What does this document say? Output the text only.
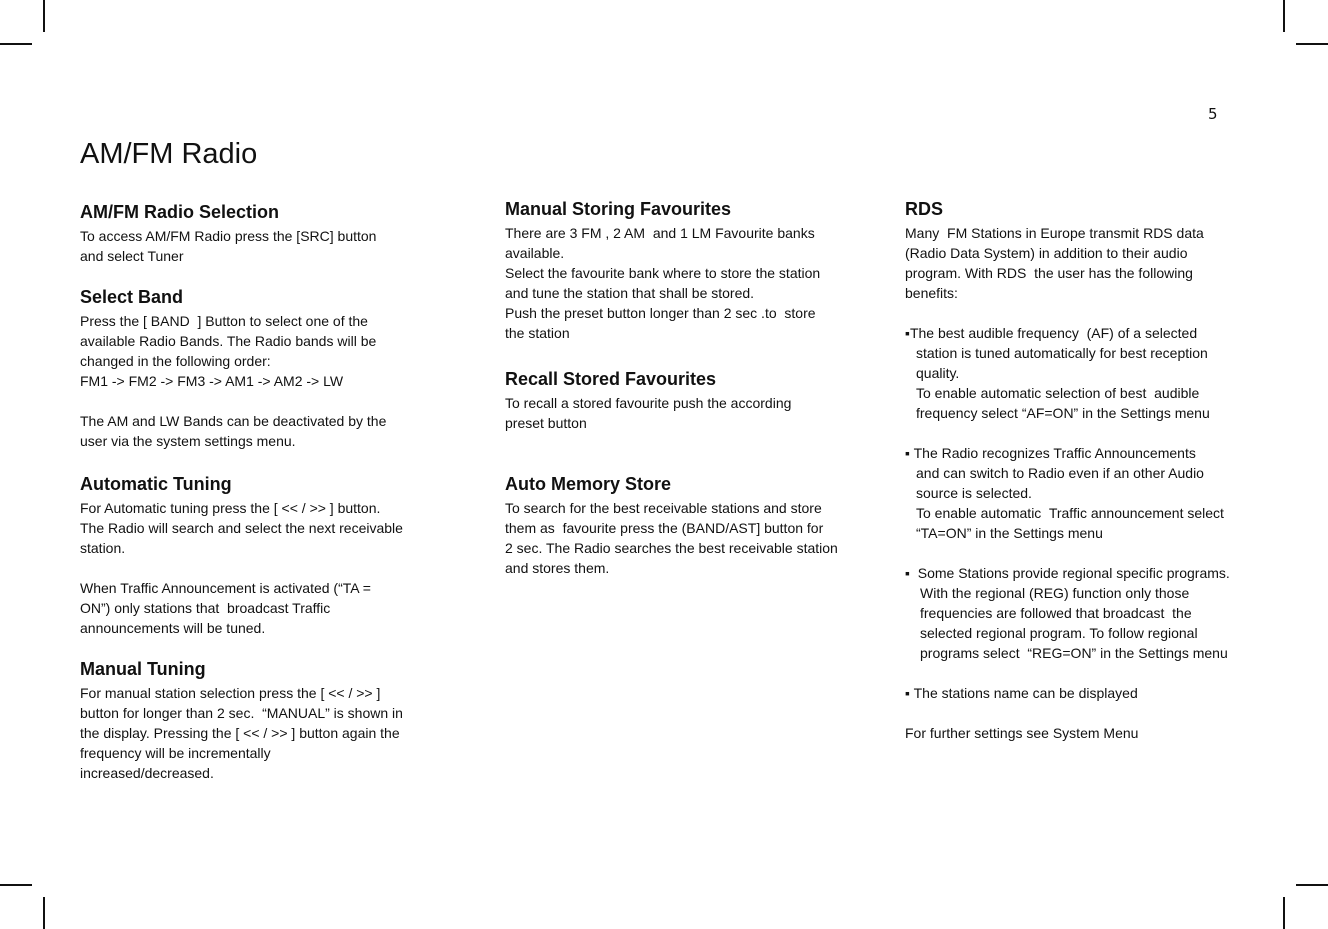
5
AM/FM Radio
AM/FM Radio Selection
To access AM/FM Radio press the [SRC] button
and select Tuner
Select Band
Press the [ BAND  ] Button to select one of the
available Radio Bands. The Radio bands will be
changed in the following order:
FM1 -> FM2 -> FM3 -> AM1 -> AM2 -> LW
The AM and LW Bands can be deactivated by the
user via the system settings menu.
Automatic Tuning
For Automatic tuning press the [ << / >> ] button.
The Radio will search and select the next receivable
station.
When Traffic Announcement is activated (“TA =
ON”) only stations that  broadcast Traffic
announcements will be tuned.
Manual Tuning
For manual station selection press the [ << / >> ]
button for longer than 2 sec.  “MANUAL” is shown in
the display. Pressing the [ << / >> ] button again the
frequency will be incrementally
increased/decreased.
Manual Storing Favourites
There are 3 FM , 2 AM  and 1 LM Favourite banks
available.
Select the favourite bank where to store the station
and tune the station that shall be stored.
Push the preset button longer than 2 sec .to  store
the station
Recall Stored Favourites
To recall a stored favourite push the according
preset button
Auto Memory Store
To search for the best receivable stations and store
them as  favourite press the (BAND/AST] button for
2 sec. The Radio searches the best receivable station
and stores them.
RDS
Many  FM Stations in Europe transmit RDS data
(Radio Data System) in addition to their audio
program. With RDS  the user has the following
benefits:
▪The best audible frequency  (AF) of a selected
station is tuned automatically for best reception
quality.
To enable automatic selection of best  audible
frequency select “AF=ON” in the Settings menu
▪ The Radio recognizes Traffic Announcements
and can switch to Radio even if an other Audio
source is selected.
To enable automatic  Traffic announcement select
“TA=ON” in the Settings menu
▪  Some Stations provide regional specific programs.
With the regional (REG) function only those
frequencies are followed that broadcast  the
selected regional program. To follow regional
programs select  “REG=ON” in the Settings menu
▪ The stations name can be displayed
For further settings see System Menu
